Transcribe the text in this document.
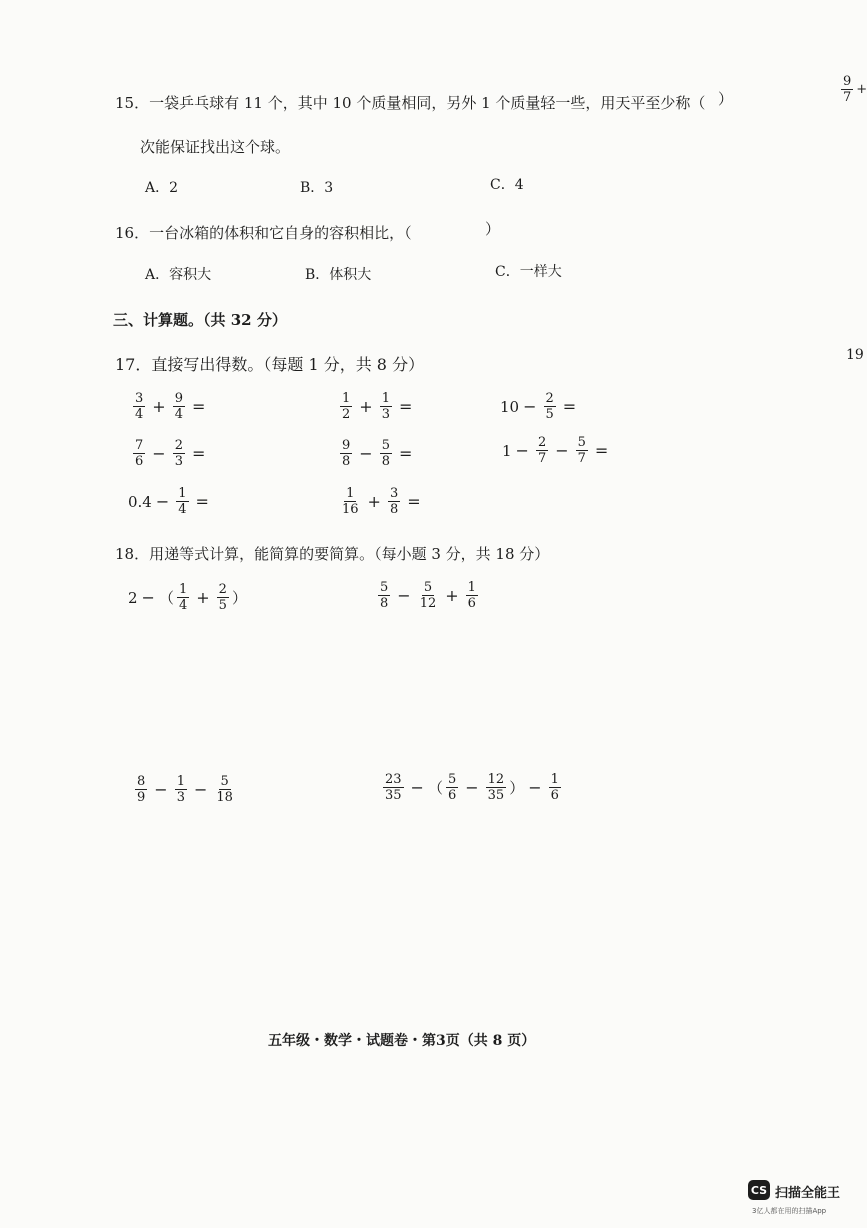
$\frac{9}{7}$ +
19
15．一袋乒乓球有 11 个，其中 10 个质量相同，另外 1 个质量轻一些，用天平至少称（ ）
次能保证找出这个球。
A．2	B．3	C．4
16．一台冰箱的体积和它自身的容积相比，（	）
A．容积大	B．体积大	C．一样大
三、计算题。（共 32 分）
17．直接写出得数。（每题 1 分，共 8 分）
$\frac{3}{4} + \frac{9}{4}$ =	$\frac{1}{2} + \frac{1}{3}$ =	$10 - \frac{2}{5}$ =
$\frac{7}{6} - \frac{2}{3}$ =	$\frac{9}{8} - \frac{5}{8}$ =	$1 - \frac{2}{7} - \frac{5}{7}$ =
$0.4 - \frac{1}{4}$ =	$\frac{1}{16} + \frac{3}{8}$ =
18．用递等式计算，能简算的要简算。（每小题 3 分，共 18 分）
2 − （ $\frac{1}{4} + \frac{2}{5}$ ）	$\frac{5}{8} - \frac{5}{12} + \frac{1}{6}$
$\frac{8}{9} - \frac{1}{3} - \frac{5}{18}$	$\frac{23}{35}$ − （ $\frac{5}{6} - \frac{12}{35}$ ） − $\frac{1}{6}$
五年级・数学・试题卷・第3页（共 8 页）
CS 扫描全能王
3亿人都在用的扫描App
